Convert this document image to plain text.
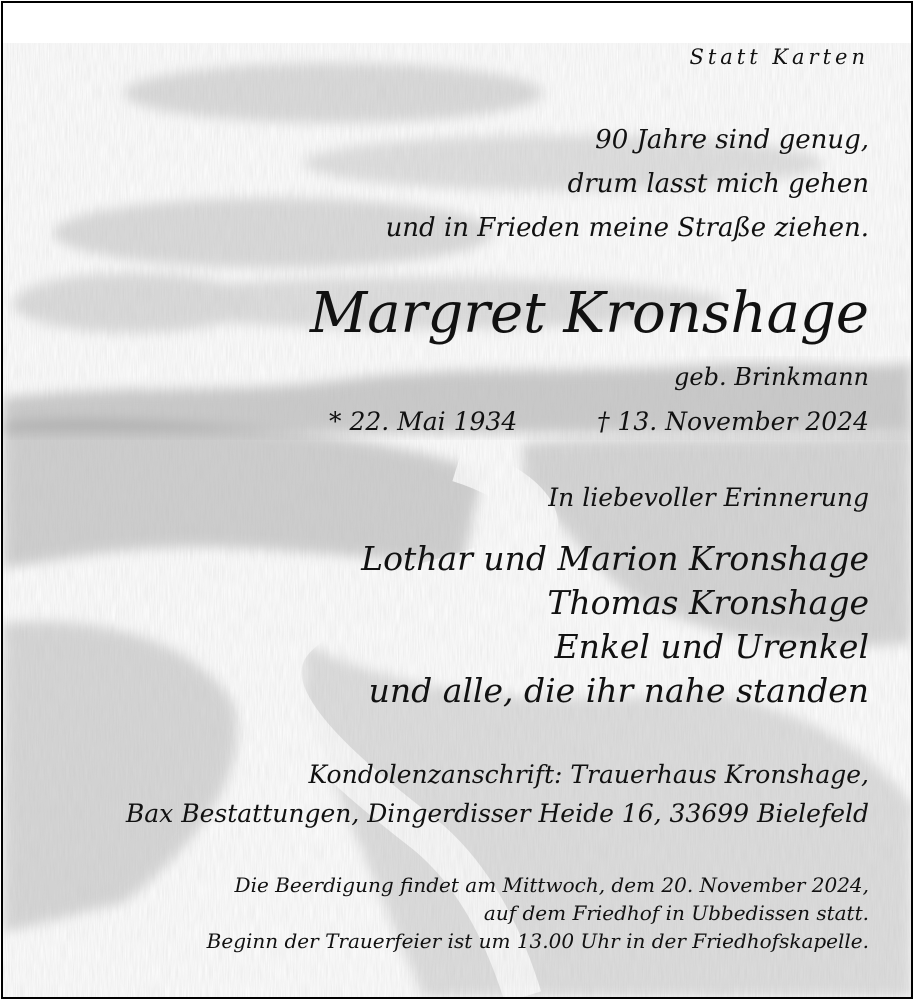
Statt Karten

90 Jahre sind genug,
drum lasst mich gehen
und in Frieden meine Straße ziehen.

Margret Kronshage

geb. Brinkmann

* 22. Mai 1934	† 13. November 2024

In liebevoller Erinnerung

Lothar und Marion Kronshage
Thomas Kronshage
Enkel und Urenkel
und alle, die ihr nahe standen

Kondolenzanschrift: Trauerhaus Kronshage,
Bax Bestattungen, Dingerdisser Heide 16, 33699 Bielefeld

Die Beerdigung findet am Mittwoch, dem 20. November 2024,
auf dem Friedhof in Ubbedissen statt.
Beginn der Trauerfeier ist um 13.00 Uhr in der Friedhofskapelle.
